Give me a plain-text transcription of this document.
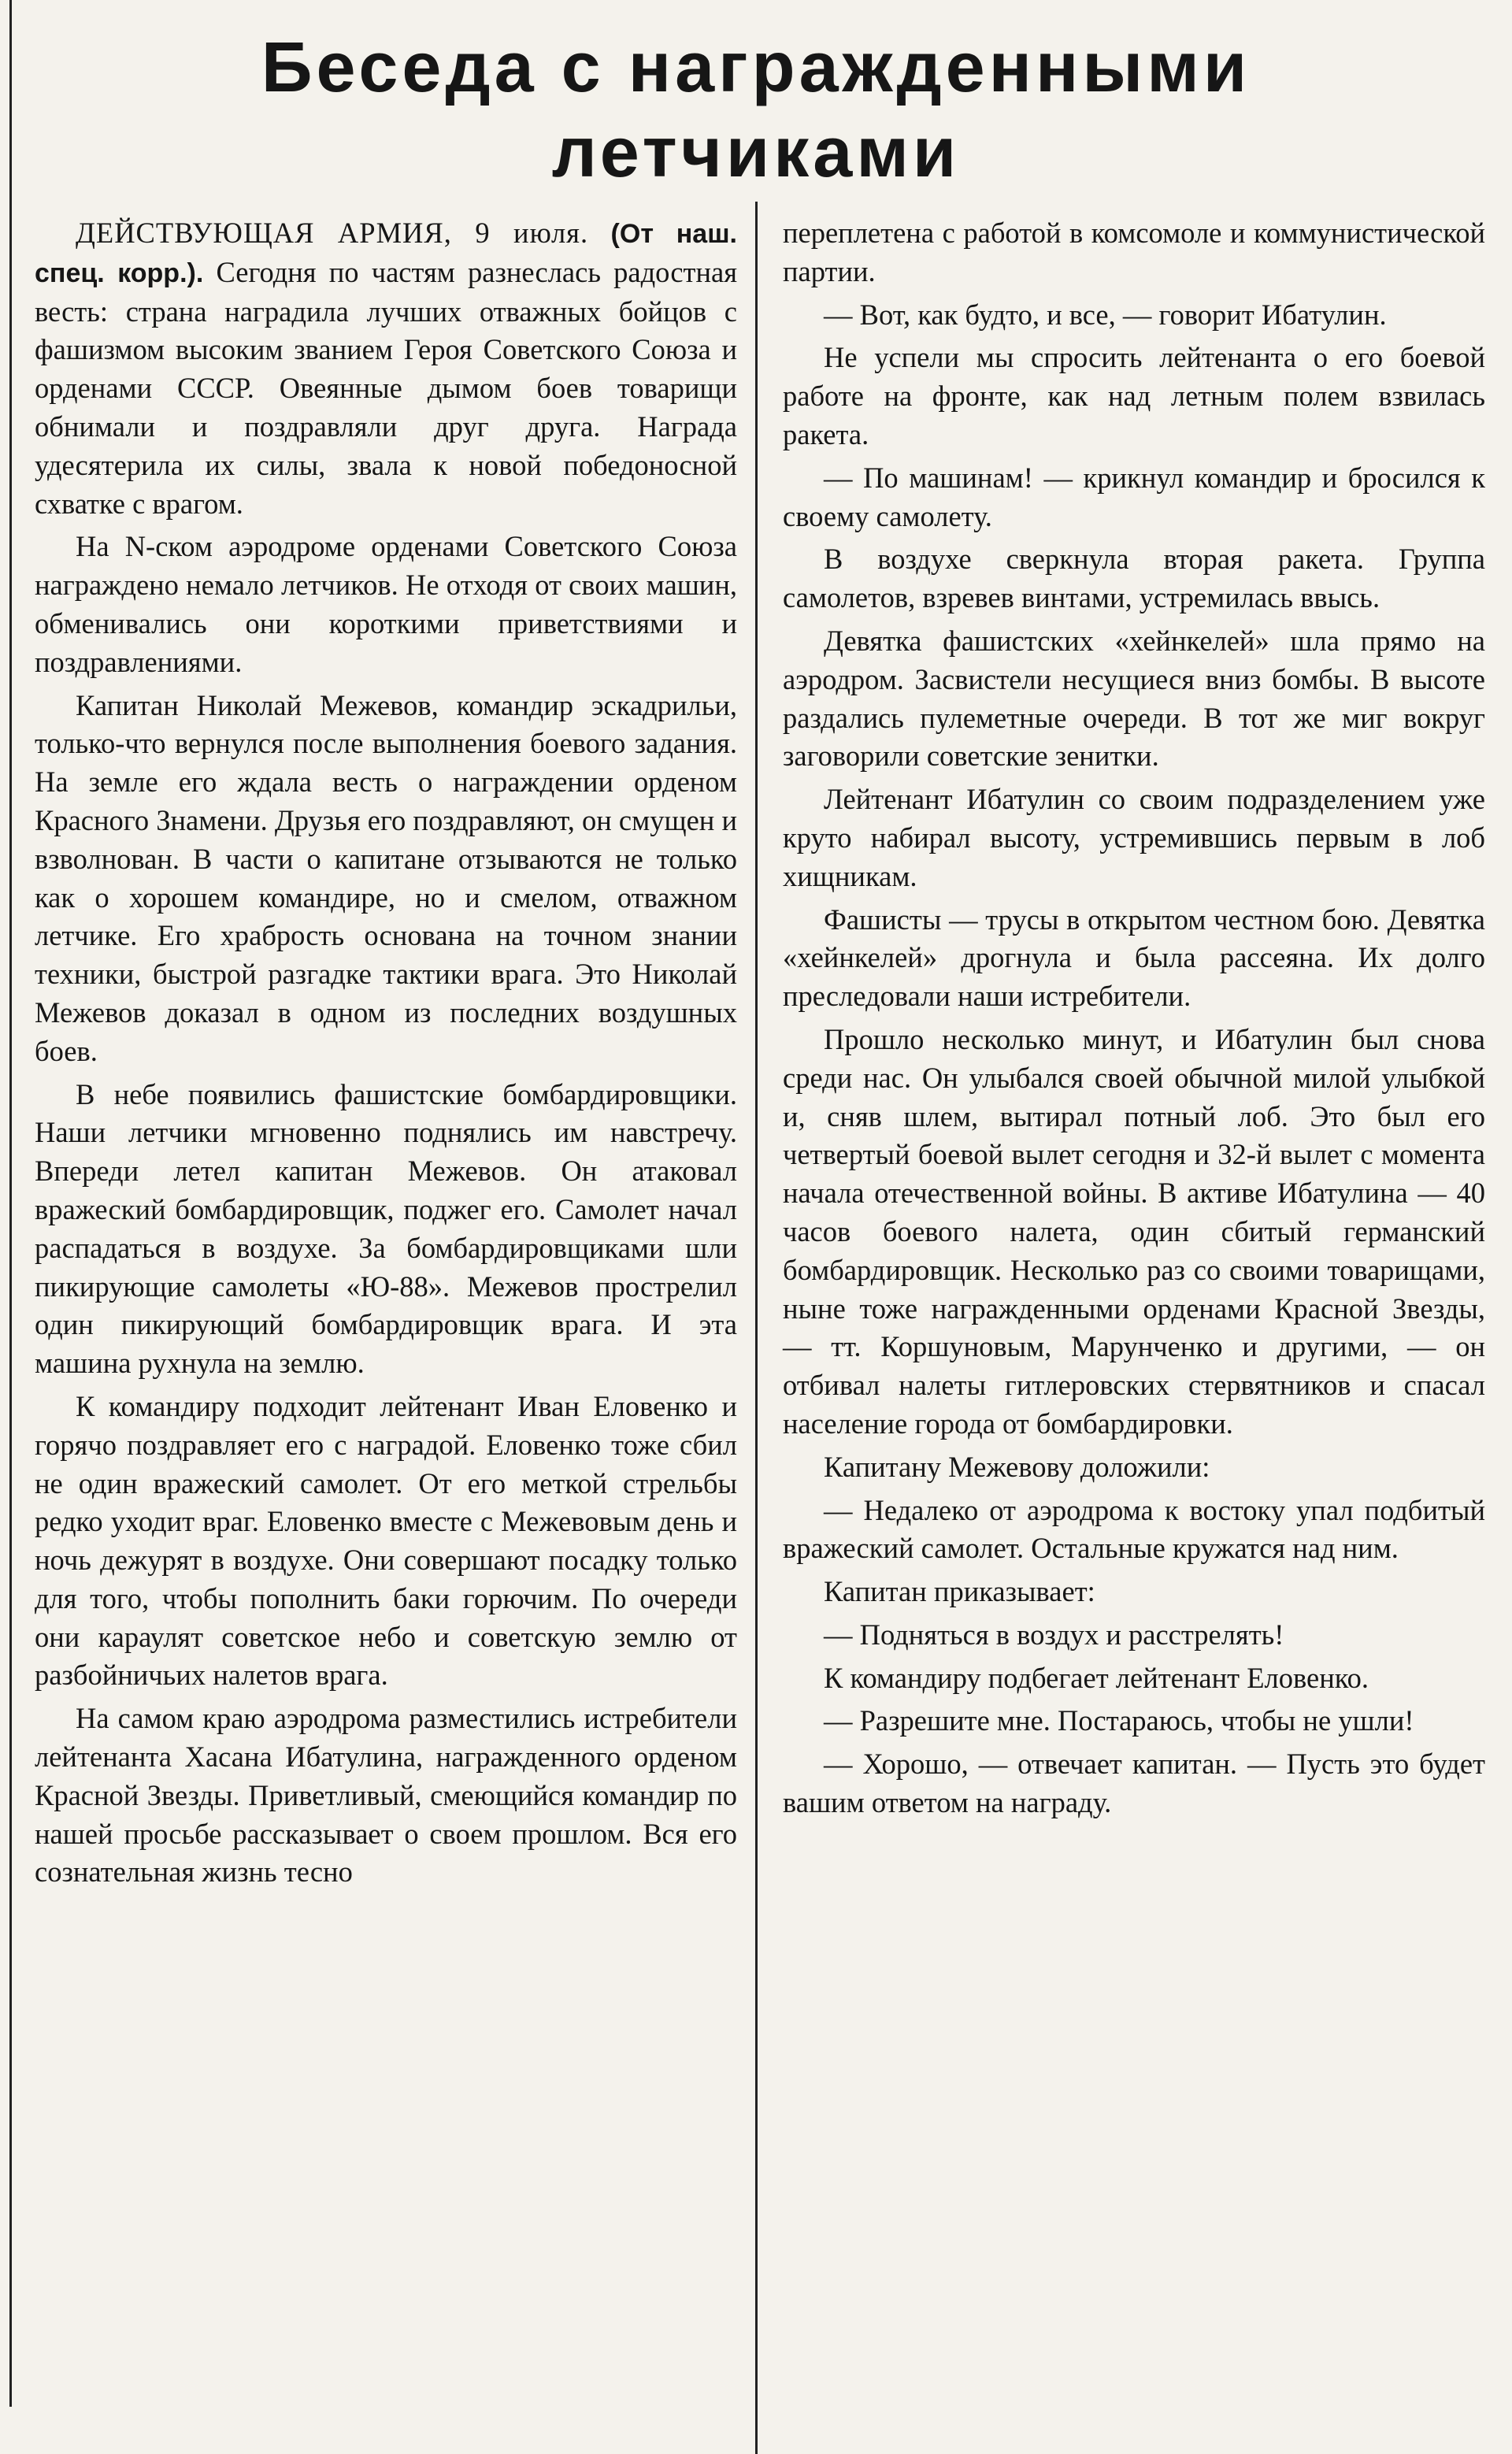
Беседа с награжденными
летчиками

ДЕЙСТВУЮЩАЯ АРМИЯ, 9 июля. (От наш. спец. корр.). Сегодня по частям разнеслась радостная весть: страна наградила лучших отважных бойцов с фашизмом высоким званием Героя Советского Союза и орденами СССР. Овеянные дымом боев товарищи обнимали и поздравляли друг друга. Награда удесятерила их силы, звала к новой победоносной схватке с врагом.

На N-ском аэродроме орденами Советского Союза награждено немало летчиков. Не отходя от своих машин, обменивались они короткими приветствиями и поздравлениями.

Капитан Николай Межевов, командир эскадрильи, только-что вернулся после выполнения боевого задания. На земле его ждала весть о награждении орденом Красного Знамени. Друзья его поздравляют, он смущен и взволнован. В части о капитане отзываются не только как о хорошем командире, но и смелом, отважном летчике. Его храбрость основана на точном знании техники, быстрой разгадке тактики врага. Это Николай Межевов доказал в одном из последних воздушных боев.

В небе появились фашистские бомбардировщики. Наши летчики мгновенно поднялись им навстречу. Впереди летел капитан Межевов. Он атаковал вражеский бомбардировщик, поджег его. Самолет начал распадаться в воздухе. За бомбардировщиками шли пикирующие самолеты «Ю-88». Межевов прострелил один пикирующий бомбардировщик врага. И эта машина рухнула на землю.

К командиру подходит лейтенант Иван Еловенко и горячо поздравляет его с наградой. Еловенко тоже сбил не один вражеский самолет. От его меткой стрельбы редко уходит враг. Еловенко вместе с Межевовым день и ночь дежурят в воздухе. Они совершают посадку только для того, чтобы пополнить баки горючим. По очереди они караулят советское небо и советскую землю от разбойничьих налетов врага.

На самом краю аэродрома разместились истребители лейтенанта Хасана Ибатулина, награжденного орденом Красной Звезды. Приветливый, смеющийся командир по нашей просьбе рассказывает о своем прошлом. Вся его сознательная жизнь тесно

переплетена с работой в комсомоле и коммунистической партии.

— Вот, как будто, и все, — говорит Ибатулин.

Не успели мы спросить лейтенанта о его боевой работе на фронте, как над летным полем взвилась ракета.

— По машинам! — крикнул командир и бросился к своему самолету.

В воздухе сверкнула вторая ракета. Группа самолетов, взревев винтами, устремилась ввысь.

Девятка фашистских «хейнкелей» шла прямо на аэродром. Засвистели несущиеся вниз бомбы. В высоте раздались пулеметные очереди. В тот же миг вокруг заговорили советские зенитки.

Лейтенант Ибатулин со своим подразделением уже круто набирал высоту, устремившись первым в лоб хищникам.

Фашисты — трусы в открытом честном бою. Девятка «хейнкелей» дрогнула и была рассеяна. Их долго преследовали наши истребители.

Прошло несколько минут, и Ибатулин был снова среди нас. Он улыбался своей обычной милой улыбкой и, сняв шлем, вытирал потный лоб. Это был его четвертый боевой вылет сегодня и 32-й вылет с момента начала отечественной войны. В активе Ибатулина — 40 часов боевого налета, один сбитый германский бомбардировщик. Несколько раз со своими товарищами, ныне тоже награжденными орденами Красной Звезды, — тт. Коршуновым, Марунченко и другими, — он отбивал налеты гитлеровских стервятников и спасал население города от бомбардировки.

Капитану Межевову доложили:

— Недалеко от аэродрома к востоку упал подбитый вражеский самолет. Остальные кружатся над ним.

Капитан приказывает:

— Подняться в воздух и расстрелять!

К командиру подбегает лейтенант Еловенко.

— Разрешите мне. Постараюсь, чтобы не ушли!

— Хорошо, — отвечает капитан. — Пусть это будет вашим ответом на награду.
